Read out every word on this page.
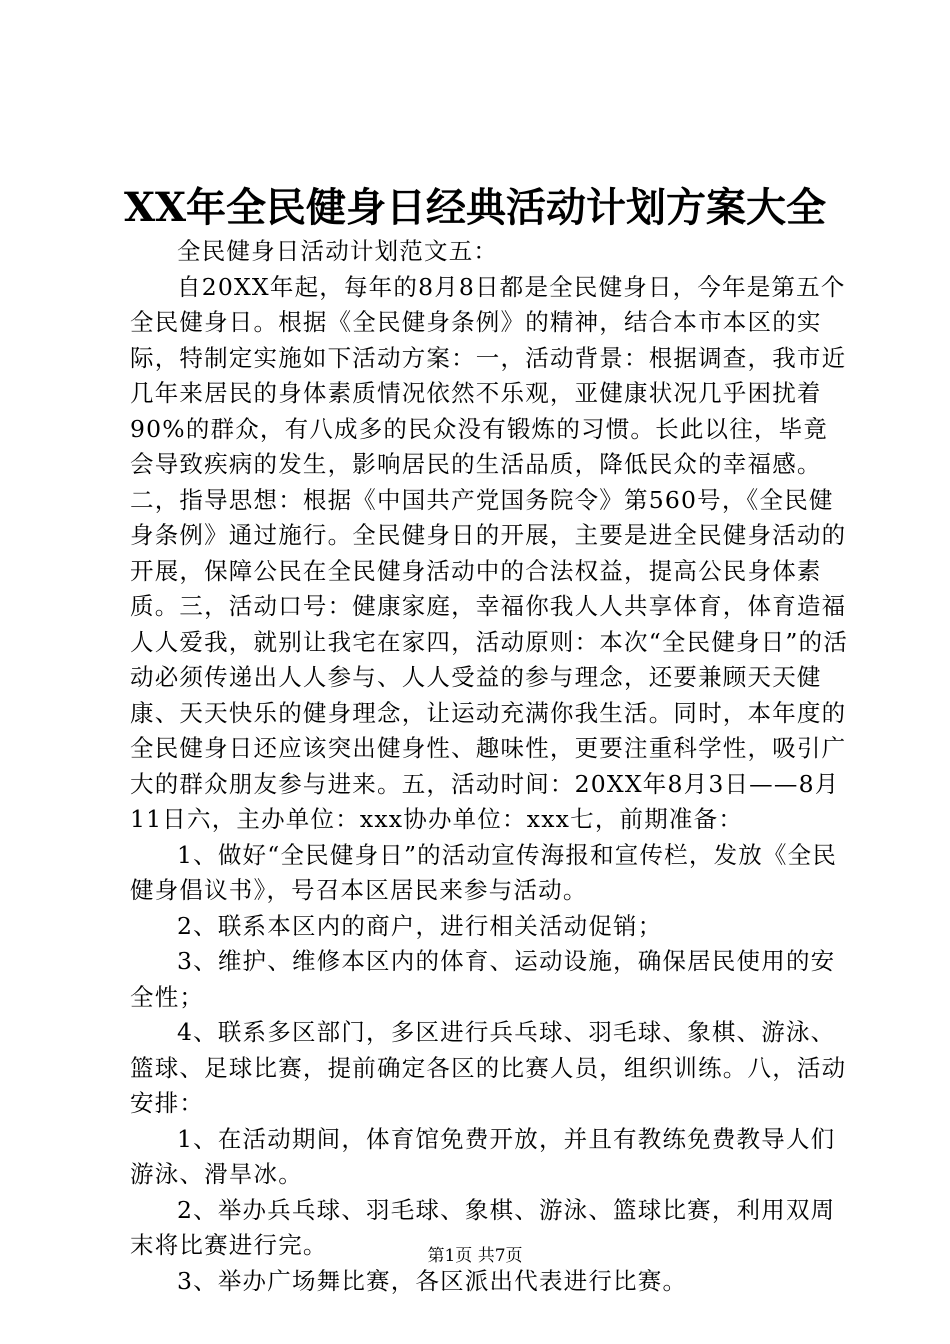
XX年全民健身日经典活动计划方案大全

全民健身日活动计划范文五：

自20XX年起，每年的8月8日都是全民健身日，今年是第五个全民健身日。根据《全民健身条例》的精神，结合本市本区的实际，特制定实施如下活动方案：一，活动背景：根据调查，我市近几年来居民的身体素质情况依然不乐观，亚健康状况几乎困扰着90%的群众，有八成多的民众没有锻炼的习惯。长此以往，毕竟会导致疾病的发生，影响居民的生活品质，降低民众的幸福感。二，指导思想：根据《中国共产党国务院令》第560号，《全民健身条例》通过施行。全民健身日的开展，主要是进全民健身活动的开展，保障公民在全民健身活动中的合法权益，提高公民身体素质。三，活动口号：健康家庭，幸福你我人人共享体育，体育造福人人爱我，就别让我宅在家四，活动原则：本次“全民健身日”的活动必须传递出人人参与、人人受益的参与理念，还要兼顾天天健康、天天快乐的健身理念，让运动充满你我生活。同时，本年度的全民健身日还应该突出健身性、趣味性，更要注重科学性，吸引广大的群众朋友参与进来。五，活动时间：20XX年8月3日——8月11日六，主办单位：xxx协办单位：xxx七，前期准备：

1、做好“全民健身日”的活动宣传海报和宣传栏，发放《全民健身倡议书》，号召本区居民来参与活动。

2、联系本区内的商户，进行相关活动促销；

3、维护、维修本区内的体育、运动设施，确保居民使用的安全性；

4、联系多区部门，多区进行兵乓球、羽毛球、象棋、游泳、篮球、足球比赛，提前确定各区的比赛人员，组织训练。八，活动安排：

1、在活动期间，体育馆免费开放，并且有教练免费教导人们游泳、滑旱冰。

2、举办兵乓球、羽毛球、象棋、游泳、篮球比赛，利用双周末将比赛进行完。

3、举办广场舞比赛，各区派出代表进行比赛。

第1页 共7页
